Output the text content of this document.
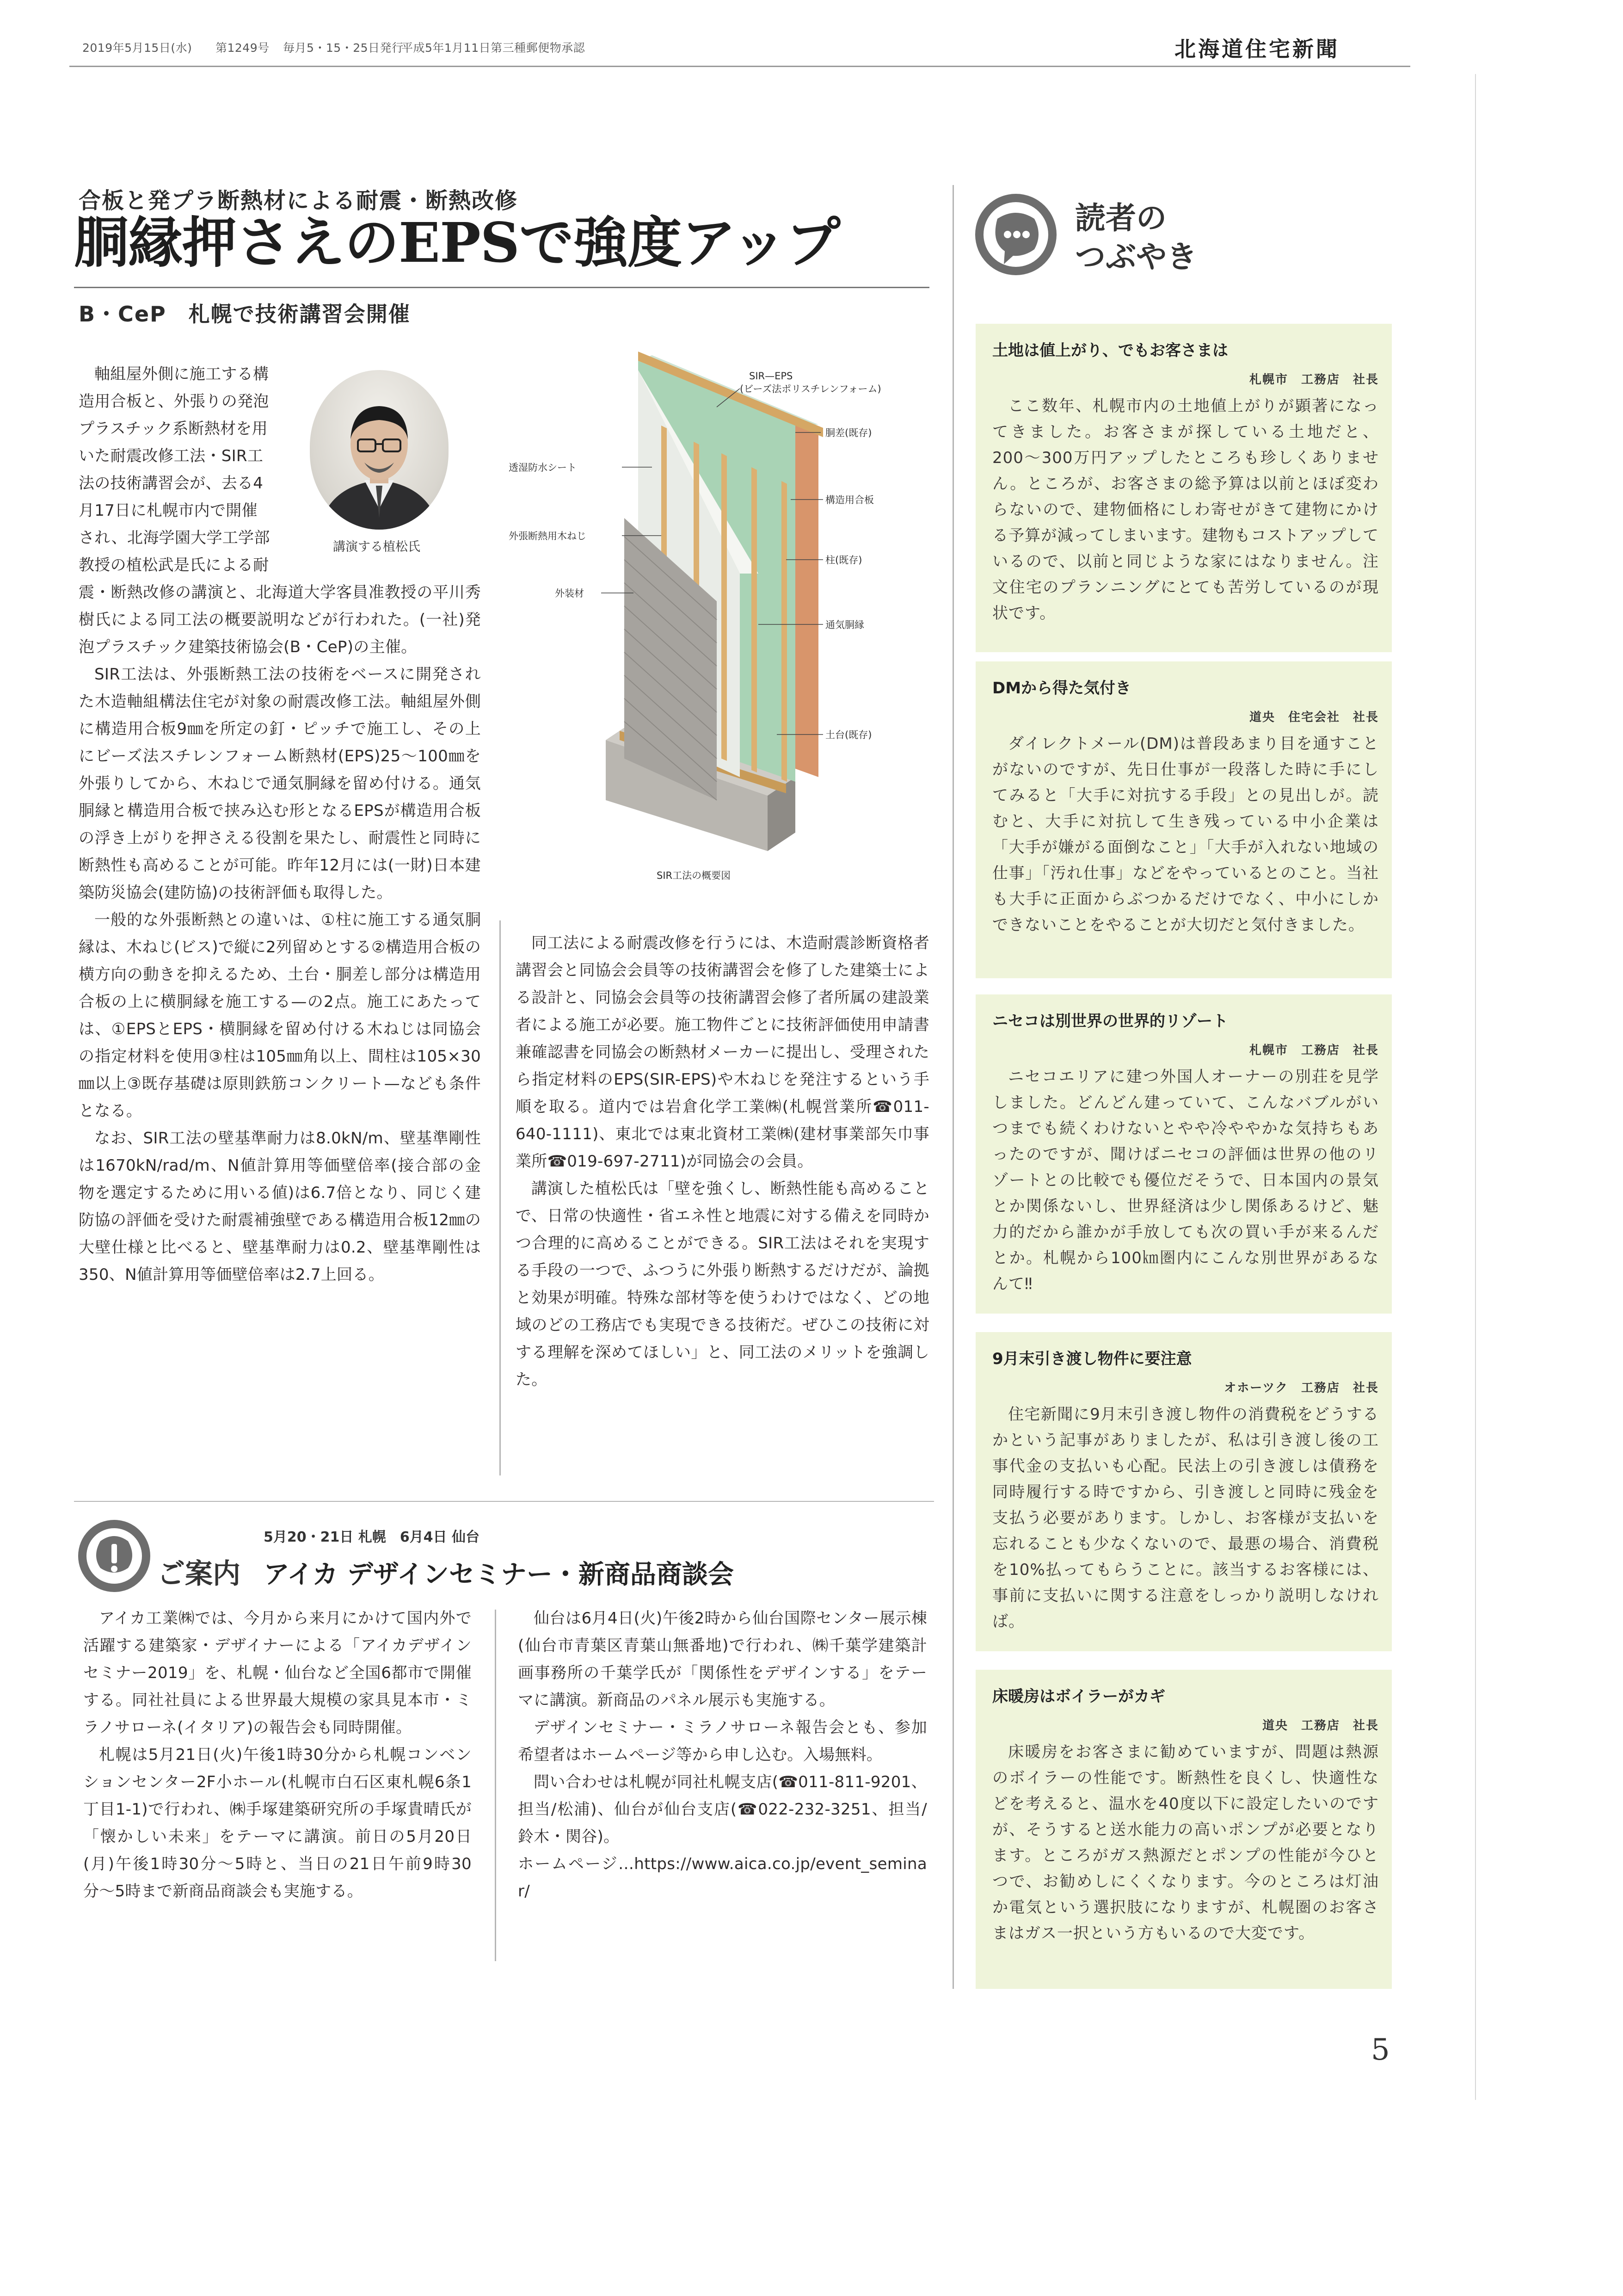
2019年5月15日(水) 第1249号 毎月5・15・25日発行
平成5年1月11日第三種郵便物承認	北海道住宅新聞
合板と発プラ断熱材による耐震・断熱改修
胴縁押さえのEPSで強度アップ
B・CeP　札幌で技術講習会開催
講演する植松氏
軸組屋外側に施工する構
造用合板と、外張りの発泡
プラスチック系断熱材を用
いた耐震改修工法・SIR工
法の技術講習会が、去る4
月17日に札幌市内で開催
され、北海学園大学工学部
教授の植松武是氏による耐

震・断熱改修の講演と、北海道大学客員准教授の平川秀樹氏による同工法の概要説明などが行われた。(一社)発泡プラスチック建築技術協会(B・CeP)の主催。

SIR工法は、外張断熱工法の技術をベースに開発された木造軸組構法住宅が対象の耐震改修工法。軸組屋外側に構造用合板9㎜を所定の釘・ピッチで施工し、その上にビーズ法スチレンフォーム断熱材(EPS)25〜100㎜を外張りしてから、木ねじで通気胴縁を留め付ける。通気胴縁と構造用合板で挟み込む形となるEPSが構造用合板の浮き上がりを押さえる役割を果たし、耐震性と同時に断熱性も高めることが可能。昨年12月には(一財)日本建築防災協会(建防協)の技術評価も取得した。

一般的な外張断熱との違いは、①柱に施工する通気胴縁は、木ねじ(ビス)で縦に2列留めとする②構造用合板の横方向の動きを抑えるため、土台・胴差し部分は構造用合板の上に横胴縁を施工する—の2点。施工にあたっては、①EPSとEPS・横胴縁を留め付ける木ねじは同協会の指定材料を使用③柱は105㎜角以上、間柱は105×30㎜以上③既存基礎は原則鉄筋コンクリート—なども条件となる。

なお、SIR工法の壁基準耐力は8.0kN/m、壁基準剛性は1670kN/rad/m、N値計算用等価壁倍率(接合部の金物を選定するために用いる値)は6.7倍となり、同じく建防協の評価を受けた耐震補強壁である構造用合板12㎜の大壁仕様と比べると、壁基準耐力は0.2、壁基準剛性は350、N値計算用等価壁倍率は2.7上回る。

SIR—EPS
(ビーズ法ポリスチレンフォーム)
胴差(既存)
透湿防水シート
構造用合板
外張断熱用木ねじ
柱(既存)
外装材
通気胴縁
土台(既存)
SIR工法の概要図

同工法による耐震改修を行うには、木造耐震診断資格者講習会と同協会会員等の技術講習会を修了した建築士による設計と、同協会会員等の技術講習会修了者所属の建設業者による施工が必要。施工物件ごとに技術評価使用申請書兼確認書を同協会の断熱材メーカーに提出し、受理されたら指定材料のEPS(SIR-EPS)や木ねじを発注するという手順を取る。道内では岩倉化学工業㈱(札幌営業所☎011-640-1111)、東北では東北資材工業㈱(建材事業部矢巾事業所☎019-697-2711)が同協会の会員。

講演した植松氏は「壁を強くし、断熱性能も高めることで、日常の快適性・省エネ性と地震に対する備えを同時かつ合理的に高めることができる。SIR工法はそれを実現する手段の一つで、ふつうに外張り断熱するだけだが、論拠と効果が明確。特殊な部材等を使うわけではなく、どの地域のどの工務店でも実現できる技術だ。ぜひこの技術に対する理解を深めてほしい」と、同工法のメリットを強調した。

ご案内
5月20・21日 札幌　6月4日 仙台
アイカ デザインセミナー・新商品商談会

アイカ工業㈱では、今月から来月にかけて国内外で活躍する建築家・デザイナーによる「アイカデザインセミナー2019」を、札幌・仙台など全国6都市で開催する。同社社員による世界最大規模の家具見本市・ミラノサローネ(イタリア)の報告会も同時開催。

札幌は5月21日(火)午後1時30分から札幌コンベンションセンター2F小ホール(札幌市白石区東札幌6条1丁目1-1)で行われ、㈱手塚建築研究所の手塚貴晴氏が「懐かしい未来」をテーマに講演。前日の5月20日(月)午後1時30分〜5時と、当日の21日午前9時30分〜5時まで新商品商談会も実施する。

仙台は6月4日(火)午後2時から仙台国際センター展示棟(仙台市青葉区青葉山無番地)で行われ、㈱千葉学建築計画事務所の千葉学氏が「関係性をデザインする」をテーマに講演。新商品のパネル展示も実施する。

デザインセミナー・ミラノサローネ報告会とも、参加希望者はホームページ等から申し込む。入場無料。

問い合わせは札幌が同社札幌支店(☎011-811-9201、担当/松浦)、仙台が仙台支店(☎022-232-3251、担当/鈴木・関谷)。

ホームページ…https://www.aica.co.jp/event_seminar/

読者の
つぶやき
土地は値上がり、でもお客さまは
札幌市　工務店　社長

ここ数年、札幌市内の土地値上がりが顕著になってきました。お客さまが探している土地だと、200〜300万円アップしたところも珍しくありません。ところが、お客さまの総予算は以前とほぼ変わらないので、建物価格にしわ寄せがきて建物にかける予算が減ってしまいます。建物もコストアップしているので、以前と同じような家にはなりません。注文住宅のプランニングにとても苦労しているのが現状です。

DMから得た気付き
道央　住宅会社　社長

ダイレクトメール(DM)は普段あまり目を通すことがないのですが、先日仕事が一段落した時に手にしてみると「大手に対抗する手段」との見出しが。読むと、大手に対抗して生き残っている中小企業は「大手が嫌がる面倒なこと」「大手が入れない地域の仕事」「汚れ仕事」などをやっているとのこと。当社も大手に正面からぶつかるだけでなく、中小にしかできないことをやることが大切だと気付きました。

ニセコは別世界の世界的リゾート
札幌市　工務店　社長

ニセコエリアに建つ外国人オーナーの別荘を見学しました。どんどん建っていて、こんなバブルがいつまでも続くわけないとやや冷ややかな気持ちもあったのですが、聞けばニセコの評価は世界の他のリゾートとの比較でも優位だそうで、日本国内の景気とか関係ないし、世界経済は少し関係あるけど、魅力的だから誰かが手放しても次の買い手が来るんだとか。札幌から100㎞圏内にこんな別世界があるなんて‼

9月末引き渡し物件に要注意
オホーツク　工務店　社長

住宅新聞に9月末引き渡し物件の消費税をどうするかという記事がありましたが、私は引き渡し後の工事代金の支払いも心配。民法上の引き渡しは債務を同時履行する時ですから、引き渡しと同時に残金を支払う必要があります。しかし、お客様が支払いを忘れることも少なくないので、最悪の場合、消費税を10%払ってもらうことに。該当するお客様には、事前に支払いに関する注意をしっかり説明しなければ。

床暖房はボイラーがカギ
道央　工務店　社長

床暖房をお客さまに勧めていますが、問題は熱源のボイラーの性能です。断熱性を良くし、快適性などを考えると、温水を40度以下に設定したいのですが、そうすると送水能力の高いポンプが必要となります。ところがガス熱源だとポンプの性能が今ひとつで、お勧めしにくくなります。今のところは灯油か電気という選択肢になりますが、札幌圏のお客さまはガス一択という方もいるので大変です。

5
